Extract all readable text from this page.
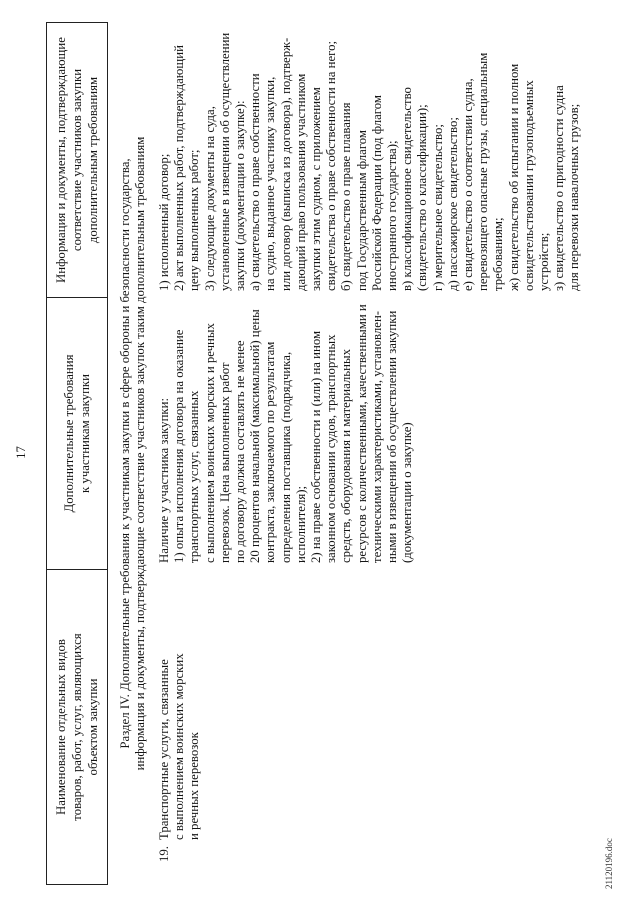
17
Наименование отдельных видов товаров, работ, услуг, являющихся объектом закупки
Дополнительные требования к участникам закупки
Информация и документы, подтверждающие соответствие участников закупки дополнительным требованиям Раздел IV. Дополнительные требования к участникам закупки в сфере обороны и безопасности государства, информация и документы, подтверждающие соответствие участников закупок таким дополнительным требованиям
19.
Транспортные услуги, связанные с выполнением воинских морских и речных перевозок
Наличие у участника закупки: 1) опыта исполнения договора на оказание транспортных услуг, связанных с выполнением воинских морских и речных перевозок. Цена выполненных работ по договору должна составлять не менее 20 процентов начальной (максимальной) цены контракта, заключаемого по результатам определения поставщика (подрядчика, исполнителя); 2) на праве собственности и (или) на ином законном основании судов, транспортных средств, оборудования и материальных ресурсов с количественными, качественными и техническими характеристиками, установлен- ными в извещении об осуществлении закупки (документации о закупке)
1) исполненный договор; 2) акт выполненных работ, подтверждающий цену выполненных работ; 3) следующие документы на суда, установленные в извещении об осуществлении закупки (документации о закупке): а) свидетельство о праве собственности на судно, выданное участнику закупки, или договор (выписка из договора), подтверж- дающий право пользования участником закупки этим судном, с приложением свидетельства о праве собственности на него; б) свидетельство о праве плавания под Государственным флагом Российской Федерации (под флагом иностранного государства); в) классификационное свидетельство (свидетельство о классификации); г) мерительное свидетельство; д) пассажирское свидетельство; е) свидетельство о соответствии судна, перевозящего опасные грузы, специальным требованиям; ж) свидетельство об испытании и полном освидетельствовании грузоподъемных устройств; з) свидетельство о пригодности судна для перевозки навалочных грузов;
21120196.doc
